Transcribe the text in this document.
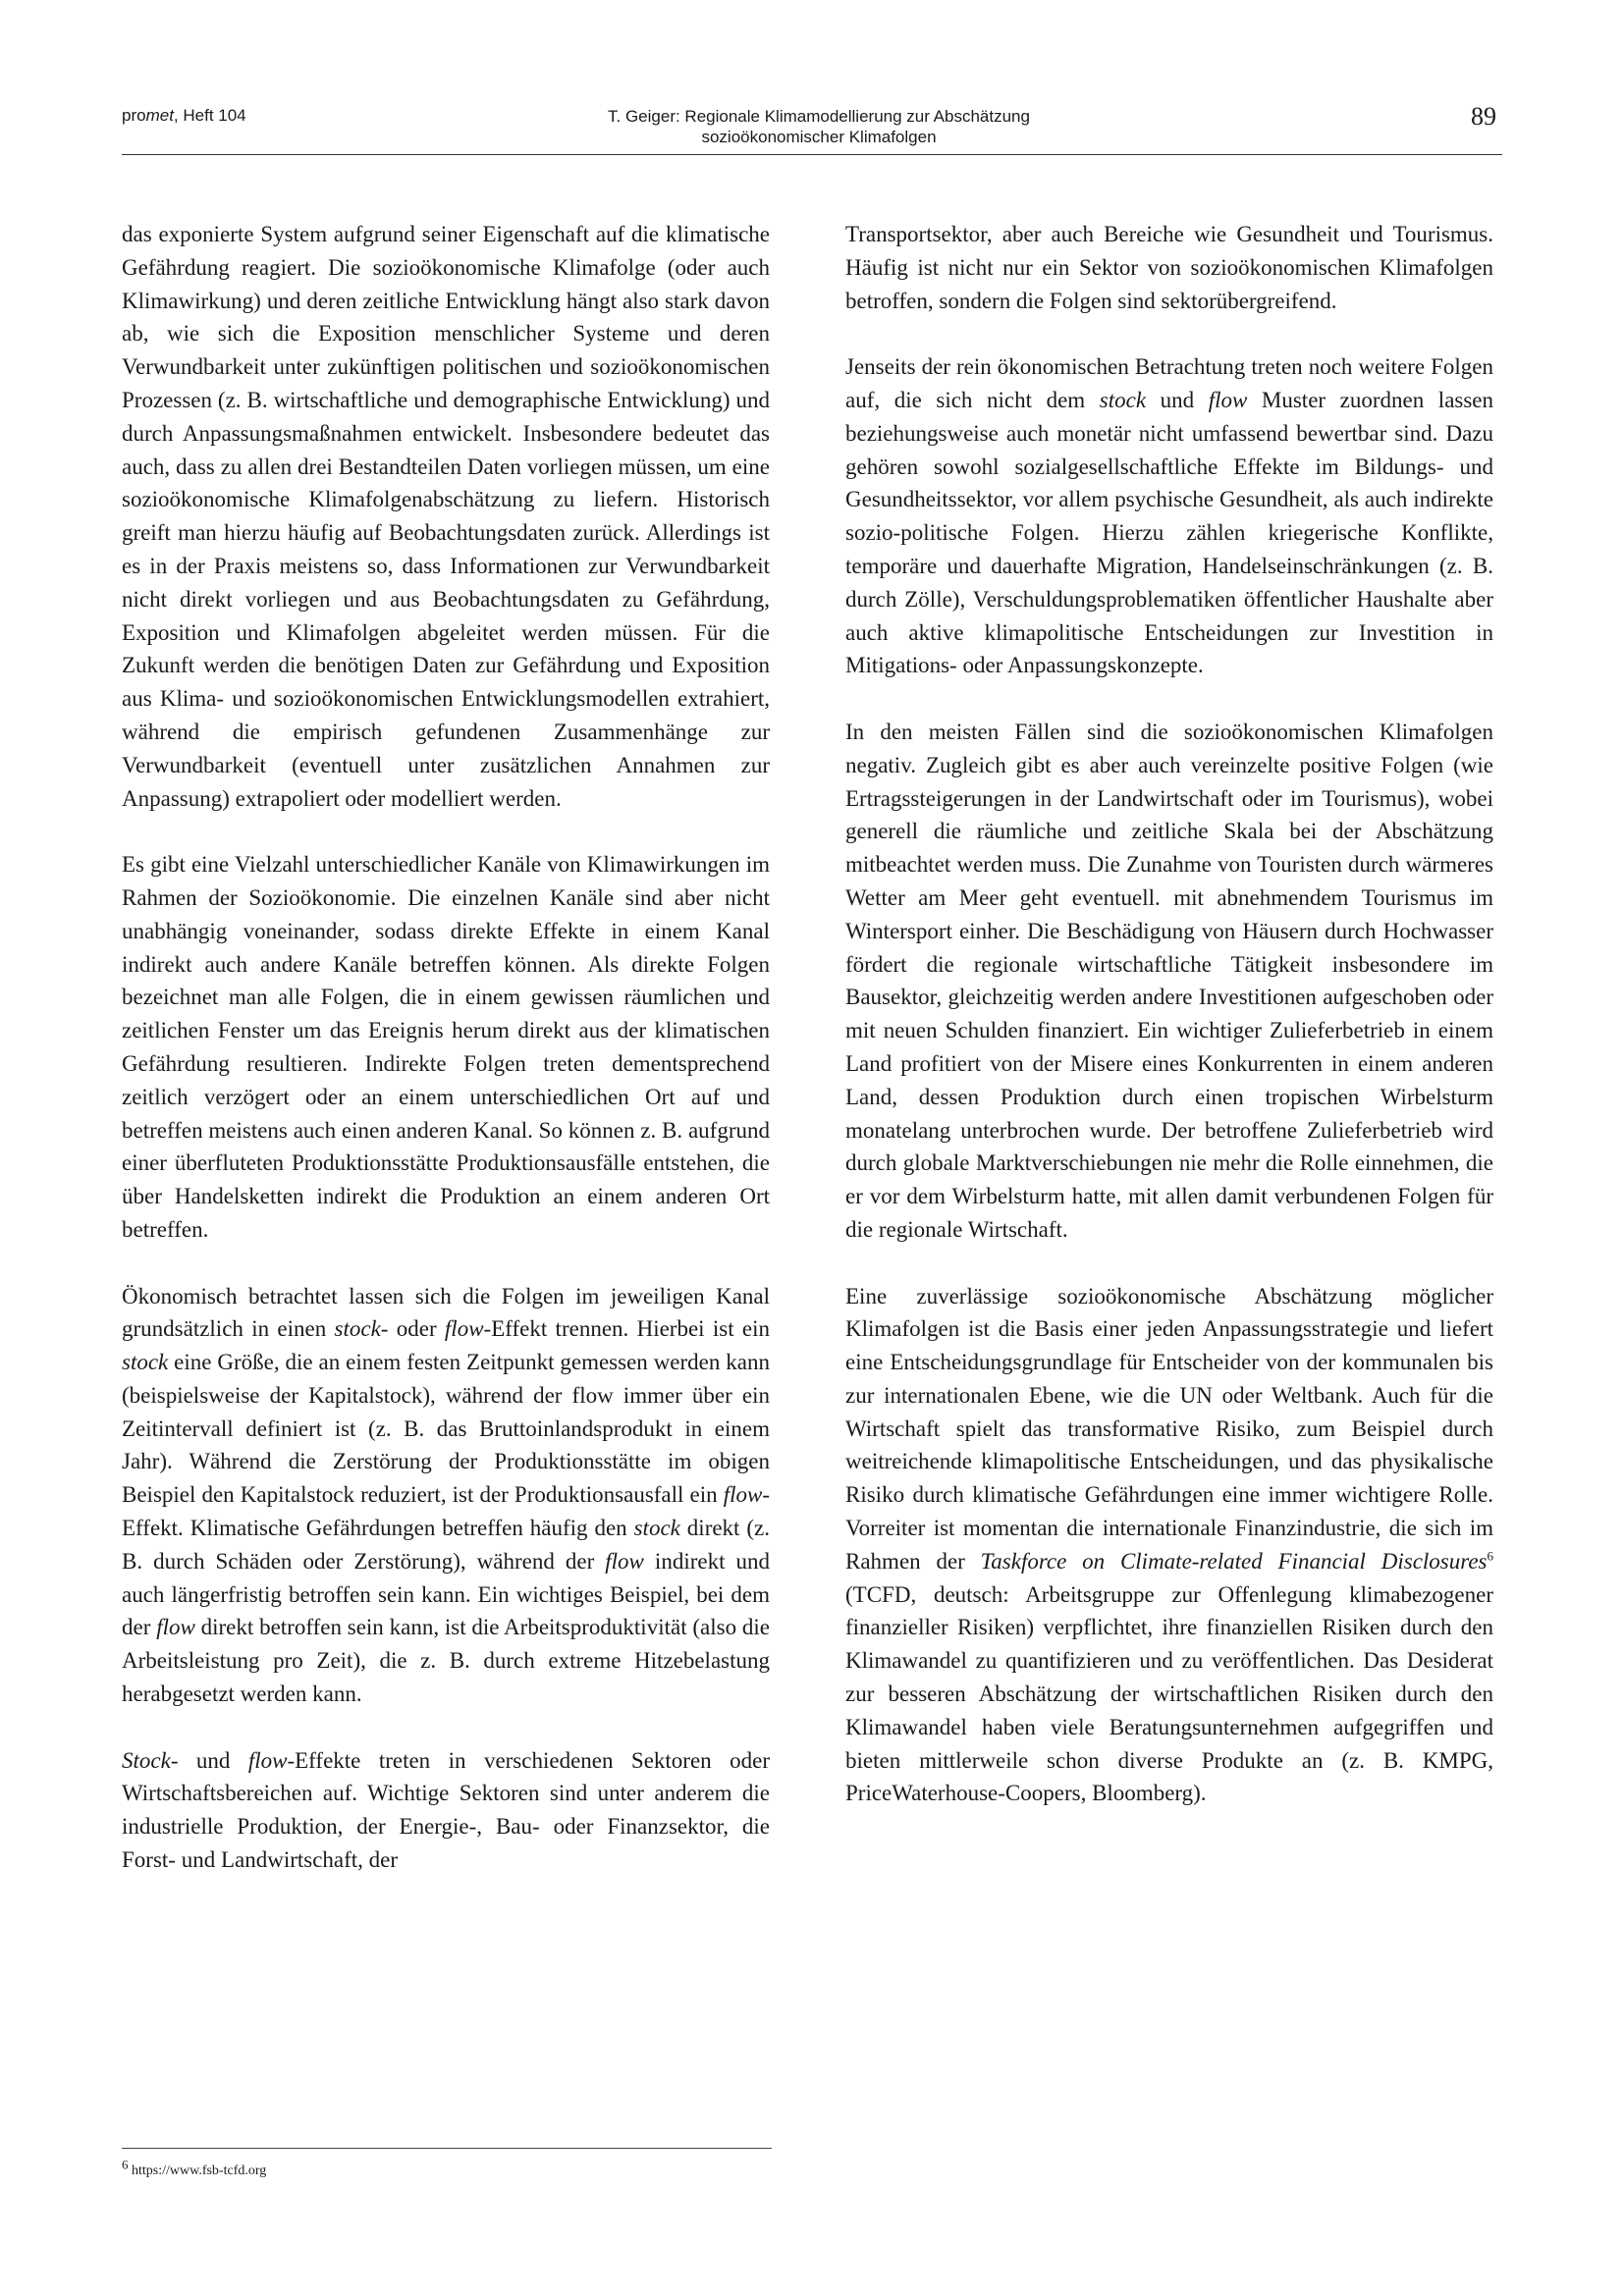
promet, Heft 104	T. Geiger: Regionale Klimamodellierung zur Abschätzung
sozioökonomischer Klimafolgen
89

das exponierte System aufgrund seiner Eigenschaft auf die klimatische Gefährdung reagiert. Die sozioökonomische Klimafolge (oder auch Klimawirkung) und deren zeitliche Entwicklung hängt also stark davon ab, wie sich die Exposition menschlicher Systeme und deren Verwundbarkeit unter zukünftigen politischen und sozioökonomischen Prozessen (z. B. wirtschaftliche und demographische Entwicklung) und durch Anpassungsmaßnahmen entwickelt. Insbesondere bedeutet das auch, dass zu allen drei Bestandteilen Daten vorliegen müssen, um eine sozioökonomische Klimafolgenabschätzung zu liefern. Historisch greift man hierzu häufig auf Beobachtungsdaten zurück. Allerdings ist es in der Praxis meistens so, dass Informationen zur Verwundbarkeit nicht direkt vorliegen und aus Beobachtungsdaten zu Gefährdung, Exposition und Klimafolgen abgeleitet werden müssen. Für die Zukunft werden die benötigen Daten zur Gefährdung und Exposition aus Klima- und sozioökonomischen Entwicklungsmodellen extrahiert, während die empirisch gefundenen Zusammenhänge zur Verwundbarkeit (eventuell unter zusätzlichen Annahmen zur Anpassung) extrapoliert oder modelliert werden.

Es gibt eine Vielzahl unterschiedlicher Kanäle von Klimawirkungen im Rahmen der Sozioökonomie. Die einzelnen Kanäle sind aber nicht unabhängig voneinander, sodass direkte Effekte in einem Kanal indirekt auch andere Kanäle betreffen können. Als direkte Folgen bezeichnet man alle Folgen, die in einem gewissen räumlichen und zeitlichen Fenster um das Ereignis herum direkt aus der klimatischen Gefährdung resultieren. Indirekte Folgen treten dementsprechend zeitlich verzögert oder an einem unterschiedlichen Ort auf und betreffen meistens auch einen anderen Kanal. So können z. B. aufgrund einer überfluteten Produktionsstätte Produktionsausfälle entstehen, die über Handelsketten indirekt die Produktion an einem anderen Ort betreffen.

Ökonomisch betrachtet lassen sich die Folgen im jeweiligen Kanal grundsätzlich in einen stock- oder flow-Effekt trennen. Hierbei ist ein stock eine Größe, die an einem festen Zeitpunkt gemessen werden kann (beispielsweise der Kapitalstock), während der flow immer über ein Zeitintervall definiert ist (z. B. das Bruttoinlandsprodukt in einem Jahr). Während die Zerstörung der Produktionsstätte im obigen Beispiel den Kapitalstock reduziert, ist der Produktionsausfall ein flow-Effekt. Klimatische Gefährdungen betreffen häufig den stock direkt (z. B. durch Schäden oder Zerstörung), während der flow indirekt und auch längerfristig betroffen sein kann. Ein wichtiges Beispiel, bei dem der flow direkt betroffen sein kann, ist die Arbeitsproduktivität (also die Arbeitsleistung pro Zeit), die z. B. durch extreme Hitzebelastung herabgesetzt werden kann.

Stock- und flow-Effekte treten in verschiedenen Sektoren oder Wirtschaftsbereichen auf. Wichtige Sektoren sind unter anderem die industrielle Produktion, der Energie-, Bau- oder Finanzsektor, die Forst- und Landwirtschaft, der

Transportsektor, aber auch Bereiche wie Gesundheit und Tourismus. Häufig ist nicht nur ein Sektor von sozioökonomischen Klimafolgen betroffen, sondern die Folgen sind sektorübergreifend.

Jenseits der rein ökonomischen Betrachtung treten noch weitere Folgen auf, die sich nicht dem stock und flow Muster zuordnen lassen beziehungsweise auch monetär nicht umfassend bewertbar sind. Dazu gehören sowohl sozialgesellschaftliche Effekte im Bildungs- und Gesundheitssektor, vor allem psychische Gesundheit, als auch indirekte sozio-politische Folgen. Hierzu zählen kriegerische Konflikte, temporäre und dauerhafte Migration, Handelseinschränkungen (z. B. durch Zölle), Verschuldungsproblematiken öffentlicher Haushalte aber auch aktive klimapolitische Entscheidungen zur Investition in Mitigations- oder Anpassungskonzepte.

In den meisten Fällen sind die sozioökonomischen Klimafolgen negativ. Zugleich gibt es aber auch vereinzelte positive Folgen (wie Ertragssteigerungen in der Landwirtschaft oder im Tourismus), wobei generell die räumliche und zeitliche Skala bei der Abschätzung mitbeachtet werden muss. Die Zunahme von Touristen durch wärmeres Wetter am Meer geht eventuell. mit abnehmendem Tourismus im Wintersport einher. Die Beschädigung von Häusern durch Hochwasser fördert die regionale wirtschaftliche Tätigkeit insbesondere im Bausektor, gleichzeitig werden andere Investitionen aufgeschoben oder mit neuen Schulden finanziert. Ein wichtiger Zulieferbetrieb in einem Land profitiert von der Misere eines Konkurrenten in einem anderen Land, dessen Produktion durch einen tropischen Wirbelsturm monatelang unterbrochen wurde. Der betroffene Zulieferbetrieb wird durch globale Marktverschiebungen nie mehr die Rolle einnehmen, die er vor dem Wirbelsturm hatte, mit allen damit verbundenen Folgen für die regionale Wirtschaft.

Eine zuverlässige sozioökonomische Abschätzung möglicher Klimafolgen ist die Basis einer jeden Anpassungsstrategie und liefert eine Entscheidungsgrundlage für Entscheider von der kommunalen bis zur internationalen Ebene, wie die UN oder Weltbank. Auch für die Wirtschaft spielt das transformative Risiko, zum Beispiel durch weitreichende klimapolitische Entscheidungen, und das physikalische Risiko durch klimatische Gefährdungen eine immer wichtigere Rolle. Vorreiter ist momentan die internationale Finanzindustrie, die sich im Rahmen der Taskforce on Climate-related Financial Disclosures$^6$ (TCFD, deutsch: Arbeitsgruppe zur Offenlegung klimabezogener finanzieller Risiken) verpflichtet, ihre finanziellen Risiken durch den Klimawandel zu quantifizieren und zu veröffentlichen. Das Desiderat zur besseren Abschätzung der wirtschaftlichen Risiken durch den Klimawandel haben viele Beratungsunternehmen aufgegriffen und bieten mittlerweile schon diverse Produkte an (z. B. KMPG, PriceWaterhouse-Coopers, Bloomberg).

$^6$ https://www.fsb-tcfd.org
